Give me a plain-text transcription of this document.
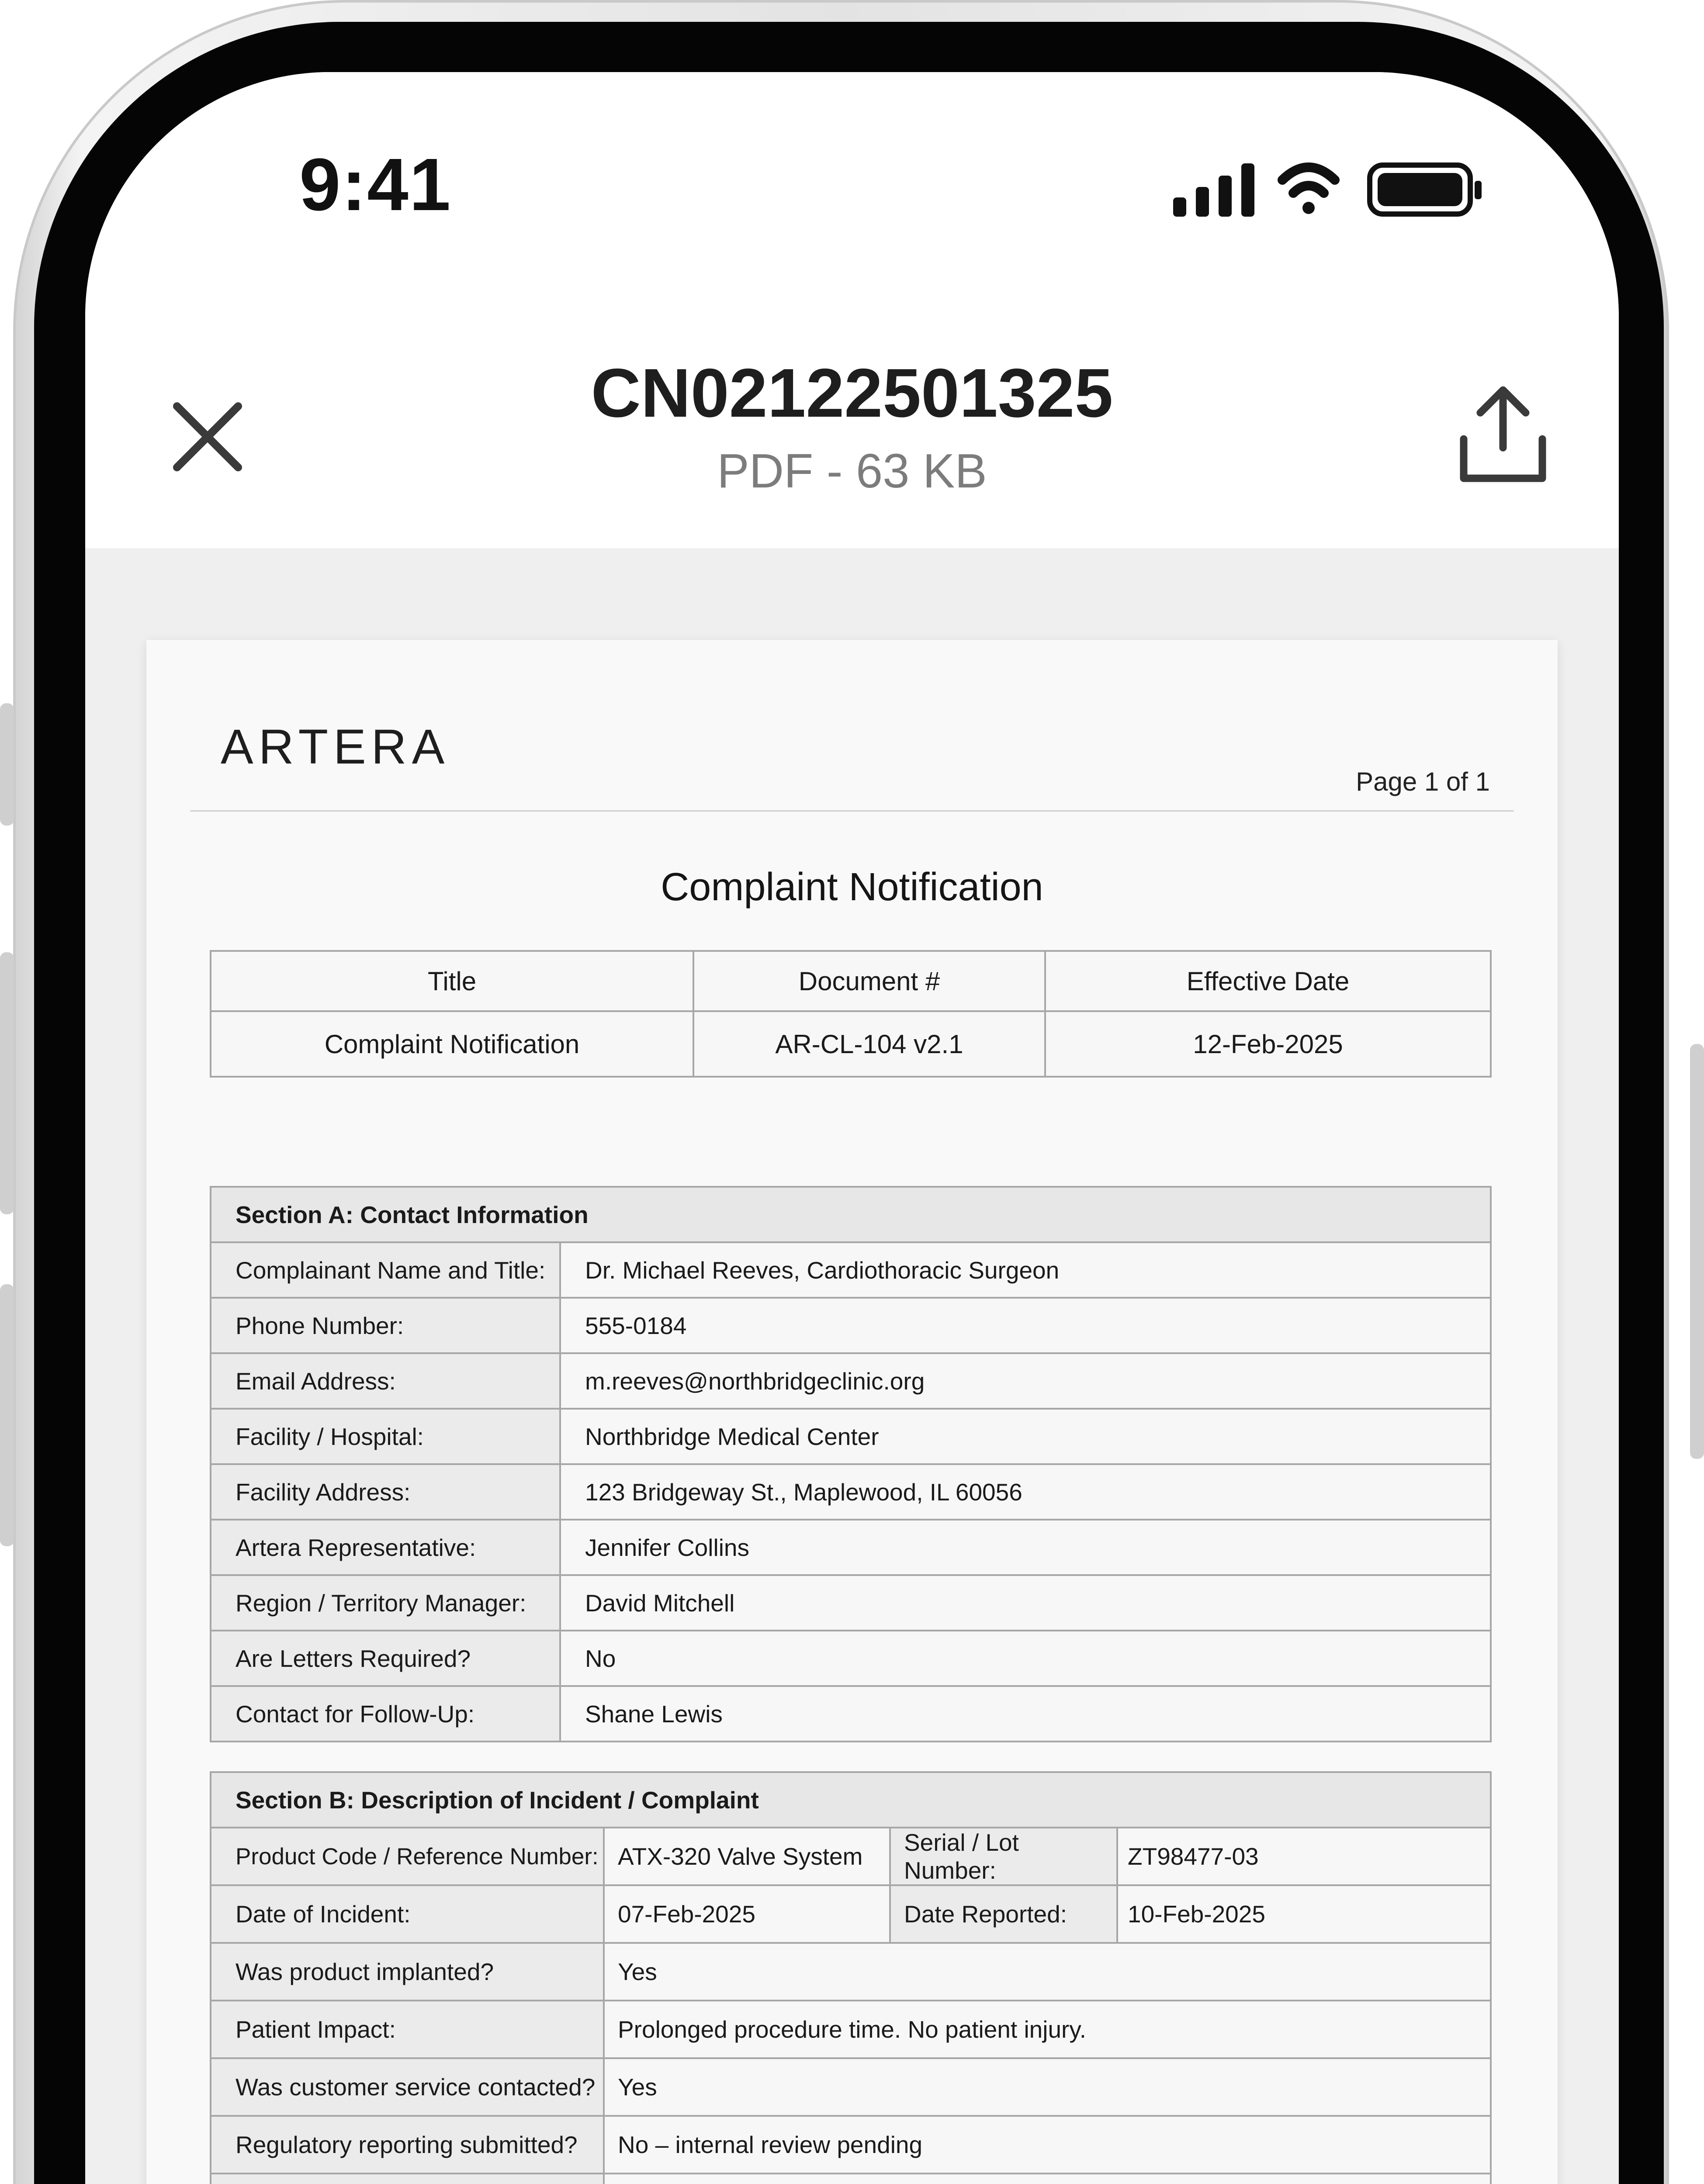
9:41
CN02122501325
PDF - 63 KB
ARTERA
Page 1 of 1
Complaint Notification
Title	Document #	Effective Date
Complaint Notification	AR-CL-104 v2.1	12-Feb-2025
Section A: Contact Information	
Complainant Name and Title:	Dr. Michael Reeves, Cardiothoracic Surgeon
Phone Number:	555-0184
Email Address:	m.reeves@northbridgeclinic.org
Facility / Hospital:	Northbridge Medical Center
Facility Address:	123 Bridgeway St., Maplewood, IL 60056
Artera Representative:	Jennifer Collins
Region / Territory Manager:	David Mitchell
Are Letters Required?	No
Contact for Follow-Up:	Shane Lewis
Section B: Description of Incident / Complaint			
Product Code / Reference Number:	ATX-320 Valve System	Serial / Lot Number:	ZT98477-03
Date of Incident:	07-Feb-2025	Date Reported:	10-Feb-2025
Was product implanted?	Yes		
Patient Impact:	Prolonged procedure time. No patient injury.		
Was customer service contacted?	Yes		
Regulatory reporting submitted?	No – internal review pending		
